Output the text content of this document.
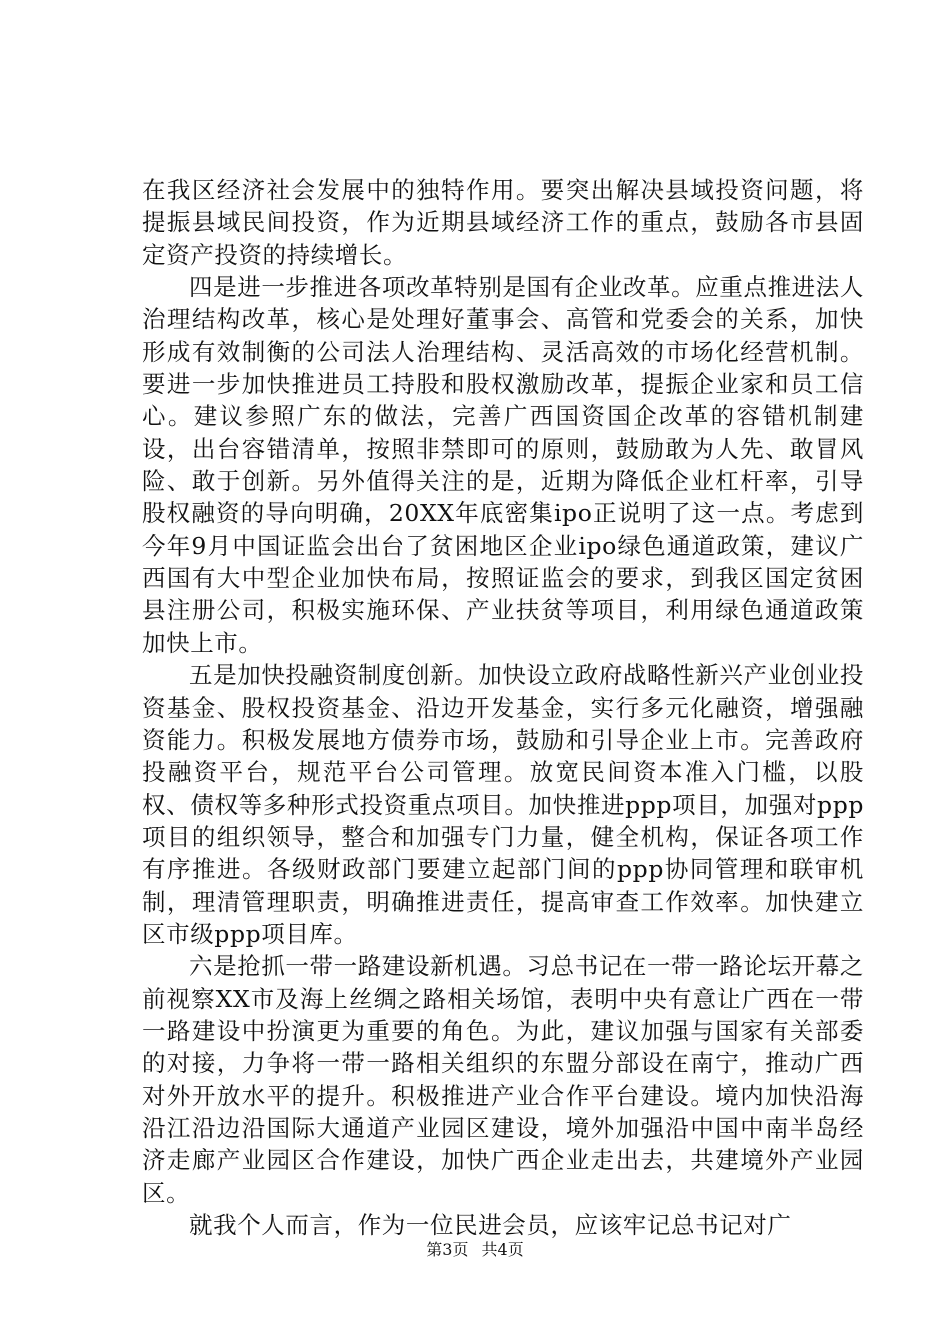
在我区经济社会发展中的独特作用。要突出解决县域投资问题，将提振县域民间投资，作为近期县域经济工作的重点，鼓励各市县固定资产投资的持续增长。

四是进一步推进各项改革特别是国有企业改革。应重点推进法人治理结构改革，核心是处理好董事会、高管和党委会的关系，加快形成有效制衡的公司法人治理结构、灵活高效的市场化经营机制。要进一步加快推进员工持股和股权激励改革，提振企业家和员工信心。建议参照广东的做法，完善广西国资国企改革的容错机制建设，出台容错清单，按照非禁即可的原则，鼓励敢为人先、敢冒风险、敢于创新。另外值得关注的是，近期为降低企业杠杆率，引导股权融资的导向明确，20XX年底密集ipo正说明了这一点。考虑到今年9月中国证监会出台了贫困地区企业ipo绿色通道政策，建议广西国有大中型企业加快布局，按照证监会的要求，到我区国定贫困县注册公司，积极实施环保、产业扶贫等项目，利用绿色通道政策加快上市。

五是加快投融资制度创新。加快设立政府战略性新兴产业创业投资基金、股权投资基金、沿边开发基金，实行多元化融资，增强融资能力。积极发展地方债券市场，鼓励和引导企业上市。完善政府投融资平台，规范平台公司管理。放宽民间资本准入门槛，以股权、债权等多种形式投资重点项目。加快推进ppp项目，加强对ppp项目的组织领导，整合和加强专门力量，健全机构，保证各项工作有序推进。各级财政部门要建立起部门间的ppp协同管理和联审机制，理清管理职责，明确推进责任，提高审查工作效率。加快建立区市级ppp项目库。

六是抢抓一带一路建设新机遇。习总书记在一带一路论坛开幕之前视察XX市及海上丝绸之路相关场馆，表明中央有意让广西在一带一路建设中扮演更为重要的角色。为此，建议加强与国家有关部委的对接，力争将一带一路相关组织的东盟分部设在南宁，推动广西对外开放水平的提升。积极推进产业合作平台建设。境内加快沿海沿江沿边沿国际大通道产业园区建设，境外加强沿中国中南半岛经济走廊产业园区合作建设，加快广西企业走出去，共建境外产业园区。

就我个人而言，作为一位民进会员，应该牢记总书记对广

第3页 共4页
